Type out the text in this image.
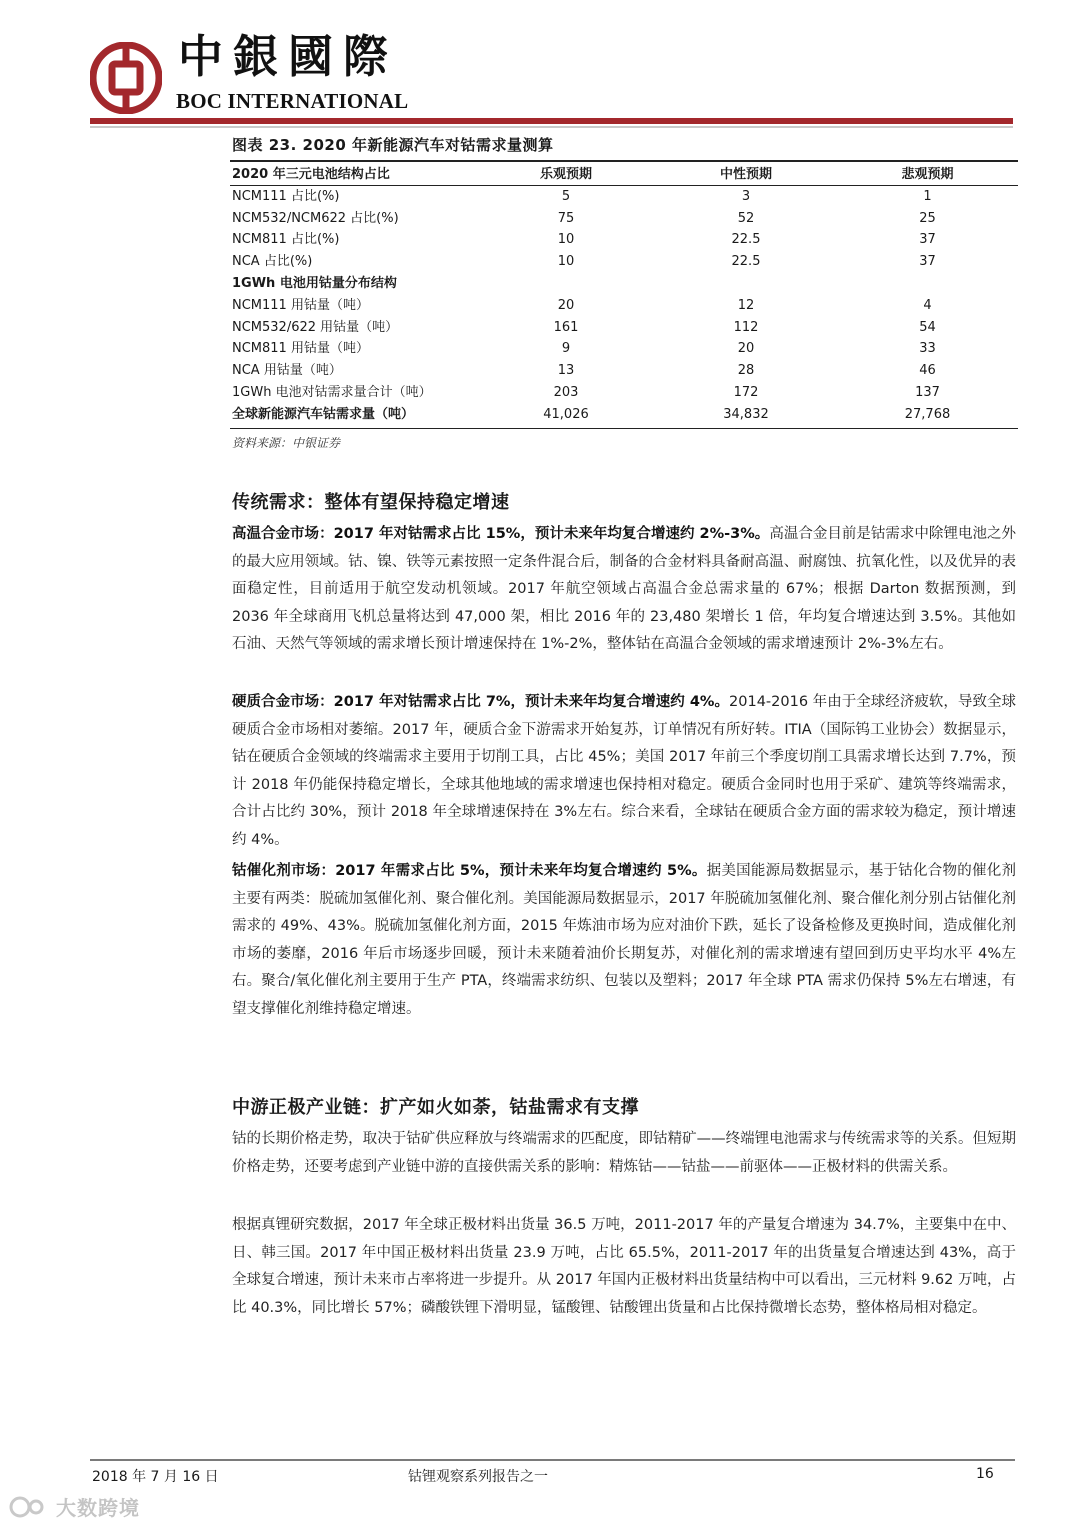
中銀國際
BOC INTERNATIONAL
图表 23. 2020 年新能源汽车对钴需求量测算
2020 年三元电池结构占比	乐观预期	中性预期	悲观预期
NCM111 占比(%)	5	3	1
NCM532/NCM622 占比(%)	75	52	25
NCM811 占比(%)	10	22.5	37
NCA 占比(%)	10	22.5	37
1GWh 电池用钴量分布结构			
NCM111 用钴量（吨）	20	12	4
NCM532/622 用钴量（吨）	161	112	54
NCM811 用钴量（吨）	9	20	33
NCA 用钴量（吨）	13	28	46
1GWh 电池对钴需求量合计（吨）	203	172	137
全球新能源汽车钴需求量（吨）	41,026	34,832	27,768
资料来源：中银证券
传统需求：整体有望保持稳定增速
高温合金市场：2017 年对钴需求占比 15%，预计未来年均复合增速约 2%-3%。高温合金目前是钴需求中除锂电池之外的最大应用领域。钴、镍、铁等元素按照一定条件混合后，制备的合金材料具备耐高温、耐腐蚀、抗氧化性，以及优异的表面稳定性，目前适用于航空发动机领域。2017 年航空领域占高温合金总需求量的 67%；根据 Darton 数据预测，到 2036 年全球商用飞机总量将达到 47,000 架，相比 2016 年的 23,480 架增长 1 倍，年均复合增速达到 3.5%。其他如石油、天然气等领域的需求增长预计增速保持在 1%-2%，整体钴在高温合金领域的需求增速预计 2%-3%左右。
硬质合金市场：2017 年对钴需求占比 7%，预计未来年均复合增速约 4%。2014-2016 年由于全球经济疲软，导致全球硬质合金市场相对萎缩。2017 年，硬质合金下游需求开始复苏，订单情况有所好转。ITIA（国际钨工业协会）数据显示，钴在硬质合金领域的终端需求主要用于切削工具，占比 45%；美国 2017 年前三个季度切削工具需求增长达到 7.7%，预计 2018 年仍能保持稳定增长，全球其他地域的需求增速也保持相对稳定。硬质合金同时也用于采矿、建筑等终端需求，合计占比约 30%，预计 2018 年全球增速保持在 3%左右。综合来看，全球钴在硬质合金方面的需求较为稳定，预计增速约 4%。
钴催化剂市场：2017 年需求占比 5%，预计未来年均复合增速约 5%。据美国能源局数据显示，基于钴化合物的催化剂主要有两类：脱硫加氢催化剂、聚合催化剂。美国能源局数据显示，2017 年脱硫加氢催化剂、聚合催化剂分别占钴催化剂需求的 49%、43%。脱硫加氢催化剂方面，2015 年炼油市场为应对油价下跌，延长了设备检修及更换时间，造成催化剂市场的萎靡，2016 年后市场逐步回暖，预计未来随着油价长期复苏，对催化剂的需求增速有望回到历史平均水平 4%左右。聚合/氧化催化剂主要用于生产 PTA，终端需求纺织、包装以及塑料；2017 年全球 PTA 需求仍保持 5%左右增速，有望支撑催化剂维持稳定增速。
中游正极产业链：扩产如火如荼，钴盐需求有支撑
钴的长期价格走势，取决于钴矿供应释放与终端需求的匹配度，即钴精矿——终端锂电池需求与传统需求等的关系。但短期价格走势，还要考虑到产业链中游的直接供需关系的影响：精炼钴——钴盐——前驱体——正极材料的供需关系。
根据真锂研究数据，2017 年全球正极材料出货量 36.5 万吨，2011-2017 年的产量复合增速为 34.7%，主要集中在中、日、韩三国。2017 年中国正极材料出货量 23.9 万吨，占比 65.5%，2011-2017 年的出货量复合增速达到 43%，高于全球复合增速，预计未来市占率将进一步提升。从 2017 年国内正极材料出货量结构中可以看出，三元材料 9.62 万吨，占比 40.3%，同比增长 57%；磷酸铁锂下滑明显，锰酸锂、钴酸锂出货量和占比保持微增长态势，整体格局相对稳定。
2018 年 7 月 16 日	钴锂观察系列报告之一	16
大数跨境
